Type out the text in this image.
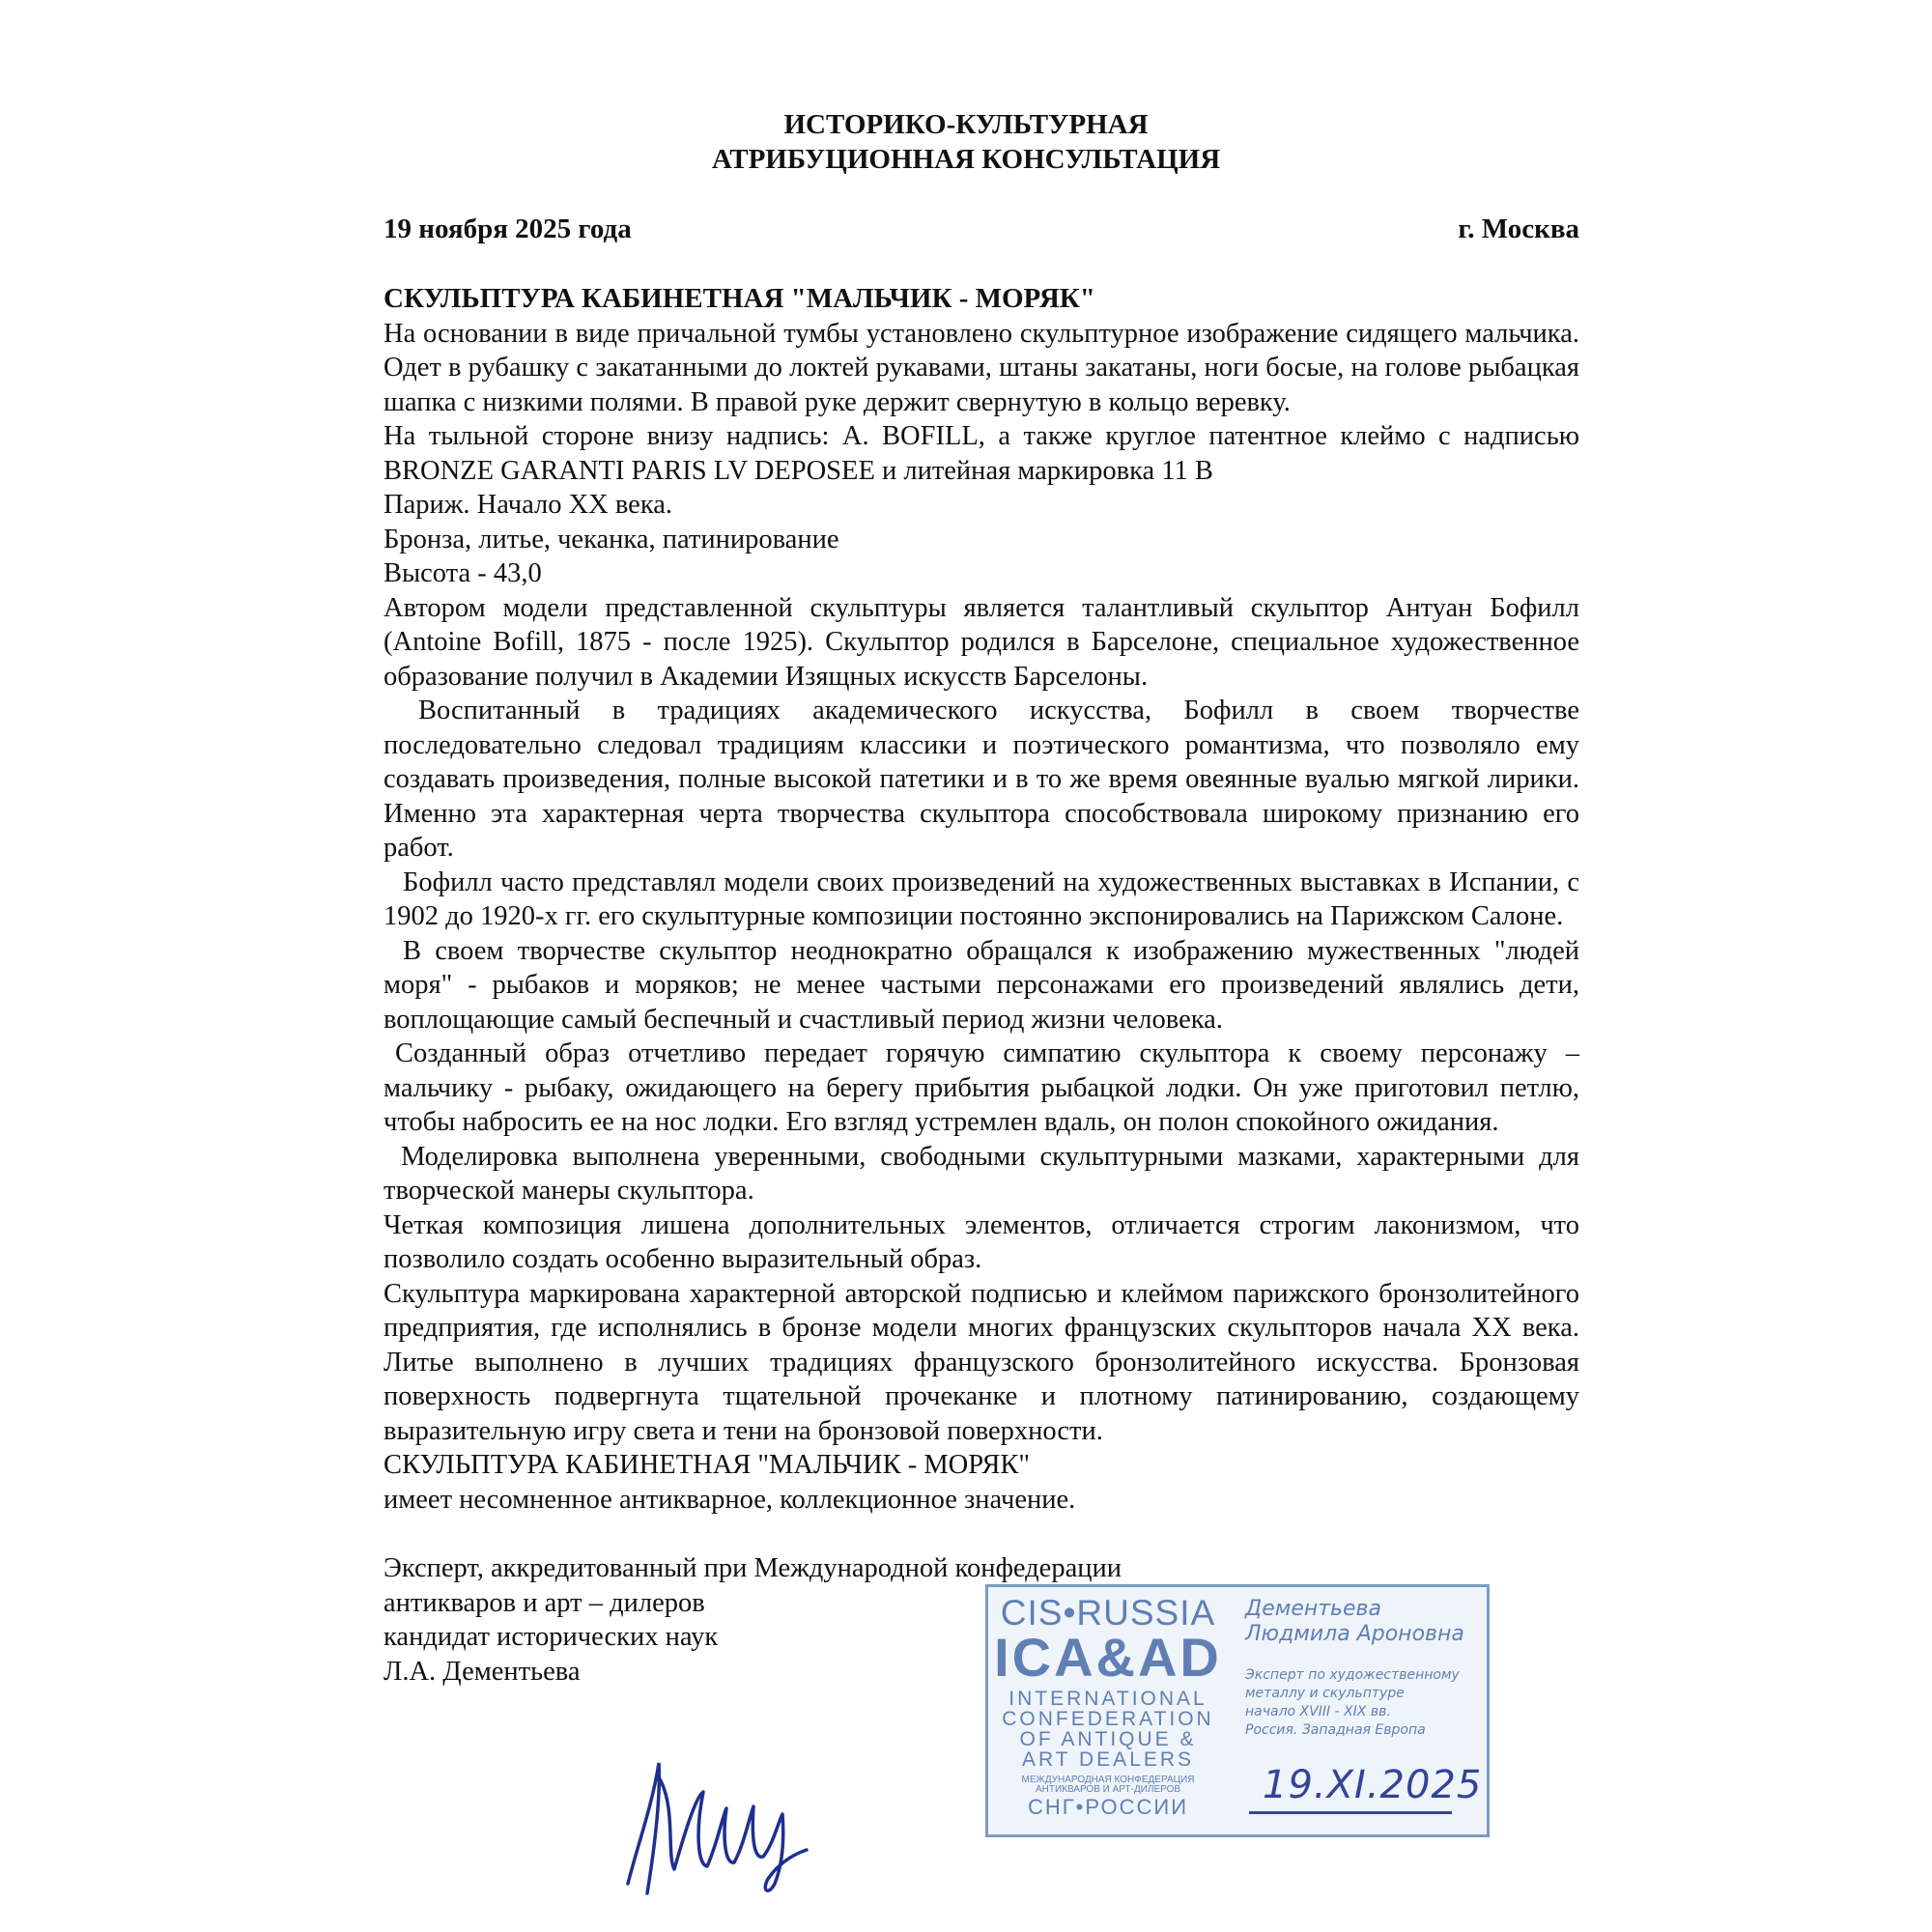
ИСТОРИКО-КУЛЬТУРНАЯ
АТРИБУЦИОННАЯ КОНСУЛЬТАЦИЯ
19 ноября 2025 года	г. Москва

СКУЛЬПТУРА КАБИНЕТНАЯ "МАЛЬЧИК - МОРЯК"

На основании в виде причальной тумбы установлено скульптурное изображение сидящего мальчика. Одет в рубашку с закатанными до локтей рукавами, штаны закатаны, ноги босые, на голове рыбацкая шапка с низкими полями. В правой руке держит свернутую в кольцо веревку.

На тыльной стороне внизу надпись: A. BOFILL, а также круглое патентное клеймо с надписью BRONZE GARANTI PARIS LV DEPOSEE и литейная маркировка 11 В

Париж. Начало XX века.

Бронза, литье, чеканка, патинирование

Высота - 43,0

Автором модели представленной скульптуры является талантливый скульптор Антуан Бофилл (Antoine Bofill, 1875 - после 1925). Скульптор родился в Барселоне, специальное художественное образование получил в Академии Изящных искусств Барселоны.

Воспитанный в традициях академического искусства, Бофилл в своем творчестве последовательно следовал традициям классики и поэтического романтизма, что позволяло ему создавать произведения, полные высокой патетики и в то же время овеянные вуалью мягкой лирики. Именно эта характерная черта творчества скульптора способствовала широкому признанию его работ.

Бофилл часто представлял модели своих произведений на художественных выставках в Испании, с 1902 до 1920-х гг. его скульптурные композиции постоянно экспонировались на Парижском Салоне.

В своем творчестве скульптор неоднократно обращался к изображению мужественных "людей моря" - рыбаков и моряков; не менее частыми персонажами его произведений являлись дети, воплощающие самый беспечный и счастливый период жизни человека.

Созданный образ отчетливо передает горячую симпатию скульптора к своему персонажу – мальчику - рыбаку, ожидающего на берегу прибытия рыбацкой лодки. Он уже приготовил петлю, чтобы набросить ее на нос лодки. Его взгляд устремлен вдаль, он полон спокойного ожидания.

Моделировка выполнена уверенными, свободными скульптурными мазками, характерными для творческой манеры скульптора.

Четкая композиция лишена дополнительных элементов, отличается строгим лаконизмом, что позволило создать особенно выразительный образ.

Скульптура маркирована характерной авторской подписью и клеймом парижского бронзолитейного предприятия, где исполнялись в бронзе модели многих французских скульпторов начала XX века. Литье выполнено в лучших традициях французского бронзолитейного искусства. Бронзовая поверхность подвергнута тщательной прочеканке и плотному патинированию, создающему выразительную игру света и тени на бронзовой поверхности.

СКУЛЬПТУРА КАБИНЕТНАЯ "МАЛЬЧИК - МОРЯК"

имеет несомненное антикварное, коллекционное значение.

Эксперт, аккредитованный при Международной конфедерации

антикваров и арт – дилеров

кандидат исторических наук

Л.А. Дементьева

CIS•RUSSIA
ICA&AD
INTERNATIONAL CONFEDERATION OF ANTIQUE & ART DEALERS
МЕЖДУНАРОДНАЯ КОНФЕДЕРАЦИЯ АНТИКВАРОВ И АРТ-ДИЛЕРОВ
СНГ•РОССИИ
Дементьева
Людмила Ароновна
Эксперт по художественному
металлу и скульптуре
начало XVIII - XIX вв.
Россия. Западная Европа
19.XI.2025
